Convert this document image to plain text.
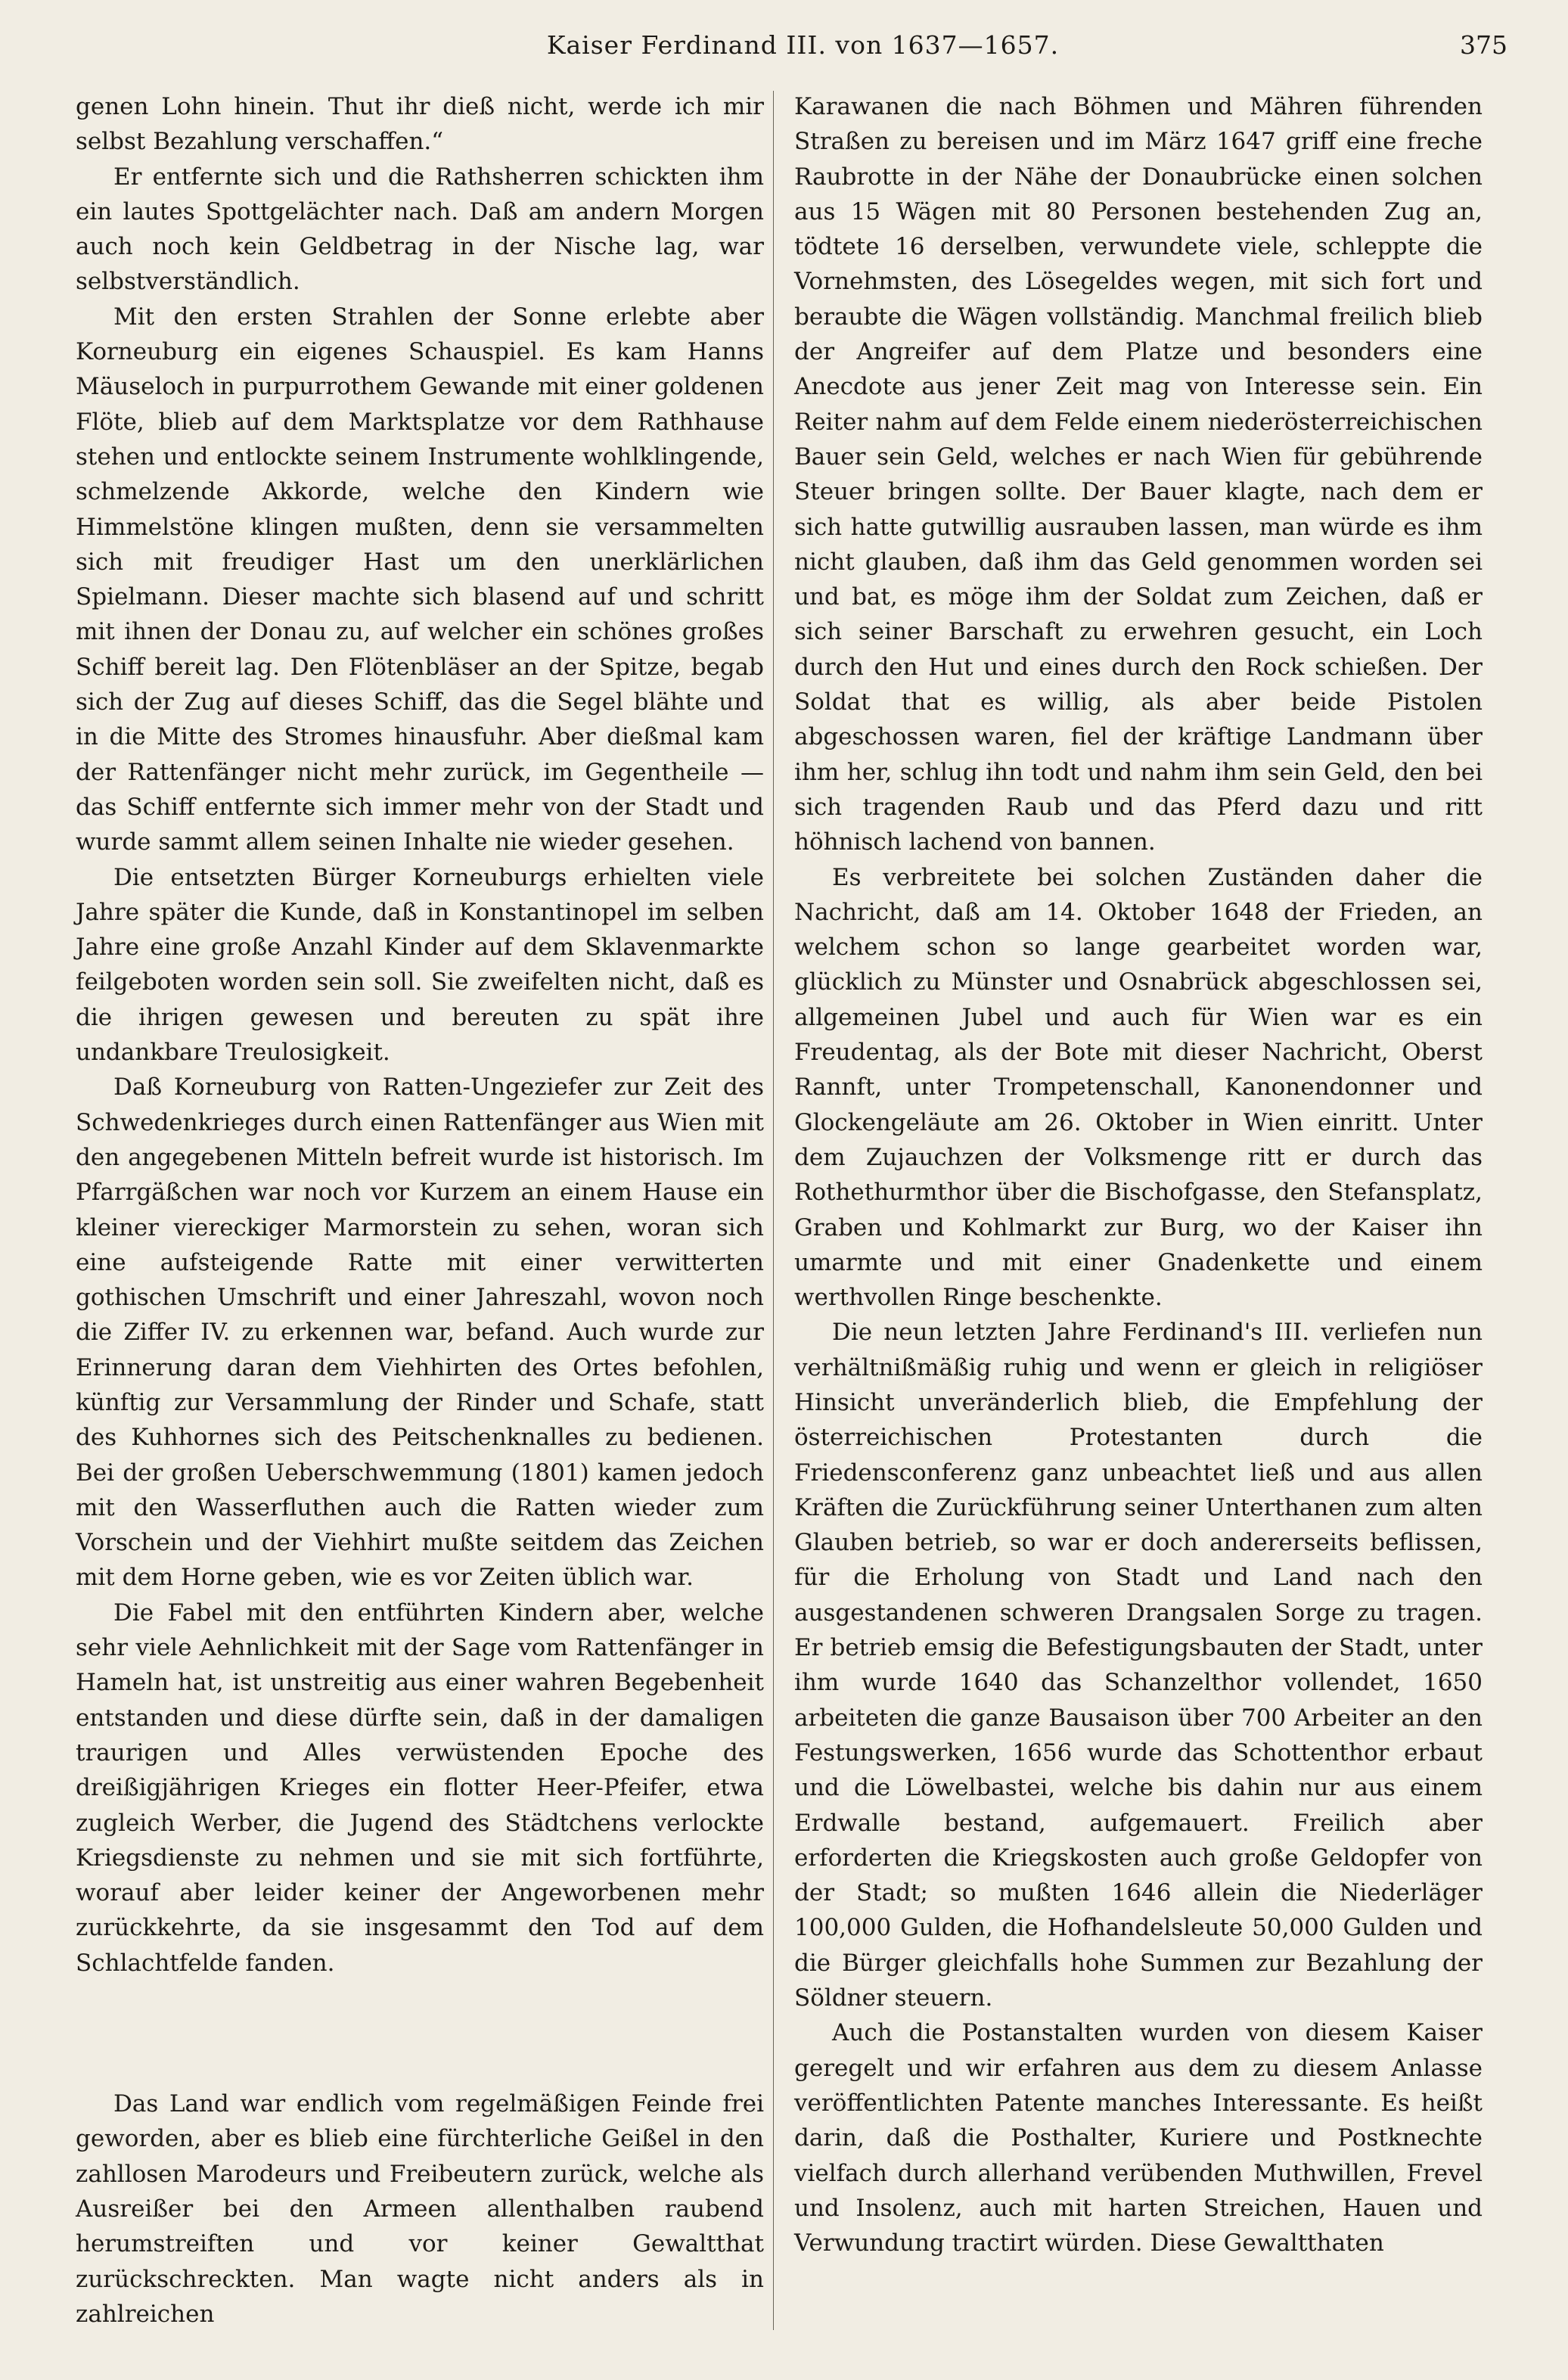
Kaiser Ferdinand III. von 1637—1657.	375

genen Lohn hinein. Thut ihr dieß nicht, werde ich mir selbst Bezahlung verschaffen.“

Er entfernte sich und die Rathsherren schickten ihm ein lautes Spottgelächter nach. Daß am andern Morgen auch noch kein Geldbetrag in der Nische lag, war selbstverständlich.

Mit den ersten Strahlen der Sonne erlebte aber Korneuburg ein eigenes Schauspiel. Es kam Hanns Mäuseloch in purpurrothem Gewande mit einer goldenen Flöte, blieb auf dem Marktsplatze vor dem Rathhause stehen und entlockte seinem Instrumente wohlklingende, schmelzende Akkorde, welche den Kindern wie Himmelstöne klingen mußten, denn sie versammelten sich mit freudiger Hast um den unerklärlichen Spielmann. Dieser machte sich blasend auf und schritt mit ihnen der Donau zu, auf welcher ein schönes großes Schiff bereit lag. Den Flötenbläser an der Spitze, begab sich der Zug auf dieses Schiff, das die Segel blähte und in die Mitte des Stromes hinausfuhr. Aber dießmal kam der Rattenfänger nicht mehr zurück, im Gegentheile — das Schiff entfernte sich immer mehr von der Stadt und wurde sammt allem seinen Inhalte nie wieder gesehen.

Die entsetzten Bürger Korneuburgs erhielten viele Jahre später die Kunde, daß in Konstantinopel im selben Jahre eine große Anzahl Kinder auf dem Sklavenmarkte feilgeboten worden sein soll. Sie zweifelten nicht, daß es die ihrigen gewesen und bereuten zu spät ihre undankbare Treulosigkeit.

Daß Korneuburg von Ratten-Ungeziefer zur Zeit des Schwedenkrieges durch einen Rattenfänger aus Wien mit den angegebenen Mitteln befreit wurde ist historisch. Im Pfarrgäßchen war noch vor Kurzem an einem Hause ein kleiner viereckiger Marmorstein zu sehen, woran sich eine aufsteigende Ratte mit einer verwitterten gothischen Umschrift und einer Jahreszahl, wovon noch die Ziffer IV. zu erkennen war, befand. Auch wurde zur Erinnerung daran dem Viehhirten des Ortes befohlen, künftig zur Versammlung der Rinder und Schafe, statt des Kuhhornes sich des Peitschenknalles zu bedienen. Bei der großen Ueberschwemmung (1801) kamen jedoch mit den Wasserfluthen auch die Ratten wieder zum Vorschein und der Viehhirt mußte seitdem das Zeichen mit dem Horne geben, wie es vor Zeiten üblich war.

Die Fabel mit den entführten Kindern aber, welche sehr viele Aehnlichkeit mit der Sage vom Rattenfänger in Hameln hat, ist unstreitig aus einer wahren Begebenheit entstanden und diese dürfte sein, daß in der damaligen traurigen und Alles verwüstenden Epoche des dreißigjährigen Krieges ein flotter Heer-Pfeifer, etwa zugleich Werber, die Jugend des Städtchens verlockte Kriegsdienste zu nehmen und sie mit sich fortführte, worauf aber leider keiner der Angeworbenen mehr zurückkehrte, da sie insgesammt den Tod auf dem Schlachtfelde fanden.

Das Land war endlich vom regelmäßigen Feinde frei geworden, aber es blieb eine fürchterliche Geißel in den zahllosen Marodeurs und Freibeutern zurück, welche als Ausreißer bei den Armeen allenthalben raubend herumstreiften und vor keiner Gewaltthat zurückschreckten. Man wagte nicht anders als in zahlreichen

Karawanen die nach Böhmen und Mähren führenden Straßen zu bereisen und im März 1647 griff eine freche Raubrotte in der Nähe der Donaubrücke einen solchen aus 15 Wägen mit 80 Personen bestehenden Zug an, tödtete 16 derselben, verwundete viele, schleppte die Vornehmsten, des Lösegeldes wegen, mit sich fort und beraubte die Wägen vollständig. Manchmal freilich blieb der Angreifer auf dem Platze und besonders eine Anecdote aus jener Zeit mag von Interesse sein. Ein Reiter nahm auf dem Felde einem niederösterreichischen Bauer sein Geld, welches er nach Wien für gebührende Steuer bringen sollte. Der Bauer klagte, nach dem er sich hatte gutwillig ausrauben lassen, man würde es ihm nicht glauben, daß ihm das Geld genommen worden sei und bat, es möge ihm der Soldat zum Zeichen, daß er sich seiner Barschaft zu erwehren gesucht, ein Loch durch den Hut und eines durch den Rock schießen. Der Soldat that es willig, als aber beide Pistolen abgeschossen waren, fiel der kräftige Landmann über ihm her, schlug ihn todt und nahm ihm sein Geld, den bei sich tragenden Raub und das Pferd dazu und ritt höhnisch lachend von bannen.

Es verbreitete bei solchen Zuständen daher die Nachricht, daß am 14. Oktober 1648 der Frieden, an welchem schon so lange gearbeitet worden war, glücklich zu Münster und Osnabrück abgeschlossen sei, allgemeinen Jubel und auch für Wien war es ein Freudentag, als der Bote mit dieser Nachricht, Oberst Rannft, unter Trompetenschall, Kanonendonner und Glockengeläute am 26. Oktober in Wien einritt. Unter dem Zujauchzen der Volksmenge ritt er durch das Rothethurmthor über die Bischofgasse, den Stefansplatz, Graben und Kohlmarkt zur Burg, wo der Kaiser ihn umarmte und mit einer Gnadenkette und einem werthvollen Ringe beschenkte.

Die neun letzten Jahre Ferdinand's III. verliefen nun verhältnißmäßig ruhig und wenn er gleich in religiöser Hinsicht unveränderlich blieb, die Empfehlung der österreichischen Protestanten durch die Friedensconferenz ganz unbeachtet ließ und aus allen Kräften die Zurückführung seiner Unterthanen zum alten Glauben betrieb, so war er doch andererseits beflissen, für die Erholung von Stadt und Land nach den ausgestandenen schweren Drangsalen Sorge zu tragen. Er betrieb emsig die Befestigungsbauten der Stadt, unter ihm wurde 1640 das Schanzelthor vollendet, 1650 arbeiteten die ganze Bausaison über 700 Arbeiter an den Festungswerken, 1656 wurde das Schottenthor erbaut und die Löwelbastei, welche bis dahin nur aus einem Erdwalle bestand, aufgemauert. Freilich aber erforderten die Kriegskosten auch große Geldopfer von der Stadt; so mußten 1646 allein die Niederläger 100,000 Gulden, die Hofhandelsleute 50,000 Gulden und die Bürger gleichfalls hohe Summen zur Bezahlung der Söldner steuern.

Auch die Postanstalten wurden von diesem Kaiser geregelt und wir erfahren aus dem zu diesem Anlasse veröffentlichten Patente manches Interessante. Es heißt darin, daß die Posthalter, Kuriere und Postknechte vielfach durch allerhand verübenden Muthwillen, Frevel und Insolenz, auch mit harten Streichen, Hauen und Verwundung tractirt würden. Diese Gewaltthaten
